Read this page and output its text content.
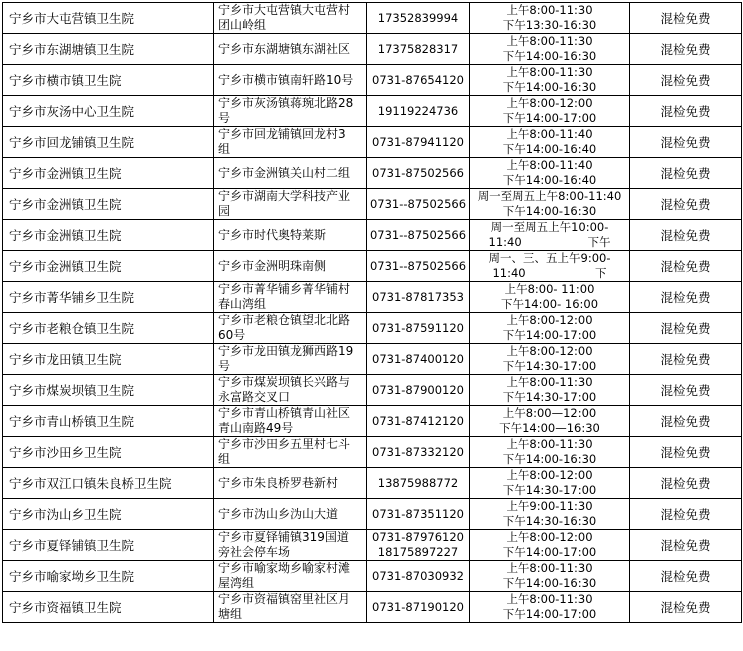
宁乡市大屯营镇卫生院	宁乡市大屯营镇大屯营村
团山岭组	17352839994	上午8:00-11:30
下午13:30-16:30	混检免费
宁乡市东湖塘镇卫生院	宁乡市东湖塘镇东湖社区	17375828317	上午8:00-11:30
下午14:00-16:30	混检免费
宁乡市横市镇卫生院	宁乡市横市镇南轩路10号	0731-87654120	上午8:00-11:30
下午14:00-16:30	混检免费
宁乡市灰汤中心卫生院	宁乡市灰汤镇蒋琬北路28
号	19119224736	上午8:00-12:00
下午14:00-17:00	混检免费
宁乡市回龙铺镇卫生院	宁乡市回龙铺镇回龙村3
组	0731-87941120	上午8:00-11:40
下午14:00-16:40	混检免费
宁乡市金洲镇卫生院	宁乡市金洲镇关山村二组	0731-87502566	上午8:00-11:40
下午14:00-16:40	混检免费
宁乡市金洲镇卫生院	宁乡市湖南大学科技产业
园	0731--87502566	周一至周五上午8:00-11:40
下午14:00-16:30	混检免费
宁乡市金洲镇卫生院	宁乡市时代奥特莱斯	0731--87502566	周一至周五上午10:00-
11:40                  下午	混检免费
宁乡市金洲镇卫生院	宁乡市金洲明珠南侧	0731--87502566	周一、三、五上午9:00-
11:40                   下	混检免费
宁乡市菁华铺乡卫生院	宁乡市菁华铺乡菁华铺村
春山湾组	0731-87817353	上午8:00- 11:00
下午14:00- 16:00	混检免费
宁乡市老粮仓镇卫生院	宁乡市老粮仓镇望北北路
60号	0731-87591120	上午8:00-12:00
下午14:00-17:00	混检免费
宁乡市龙田镇卫生院	宁乡市龙田镇龙狮西路19
号	0731-87400120	上午8:00-12:00
下午14:30-17:00	混检免费
宁乡市煤炭坝镇卫生院	宁乡市煤炭坝镇长兴路与
永富路交叉口	0731-87900120	上午8:00-11:30
下午14:30-17:00	混检免费
宁乡市青山桥镇卫生院	宁乡市青山桥镇青山社区
青山南路49号	0731-87412120	上午8:00—12:00
下午14:00—16:30	混检免费
宁乡市沙田乡卫生院	宁乡市沙田乡五里村七斗
组	0731-87332120	上午8:00-11:30
下午14:00-16:30	混检免费
宁乡市双江口镇朱良桥卫生院	宁乡市朱良桥罗巷新村	13875988772	上午8:00-12:00
下午14:30-17:00	混检免费
宁乡市沩山乡卫生院	宁乡市沩山乡沩山大道	0731-87351120	上午9:00-11:30
下午14:30-16:30	混检免费
宁乡市夏铎铺镇卫生院	宁乡市夏铎铺镇319国道
旁社会停车场	0731-87976120
18175897227	上午8:00-12:00
下午14:00-17:00	混检免费
宁乡市喻家坳乡卫生院	宁乡市喻家坳乡喻家村滩
屋湾组	0731-87030932	上午8:00-11:30
下午14:00-16:30	混检免费
宁乡市资福镇卫生院	宁乡市资福镇窑里社区月
塘组	0731-87190120	上午8:00-11:30
下午14:00-17:00	混检免费
